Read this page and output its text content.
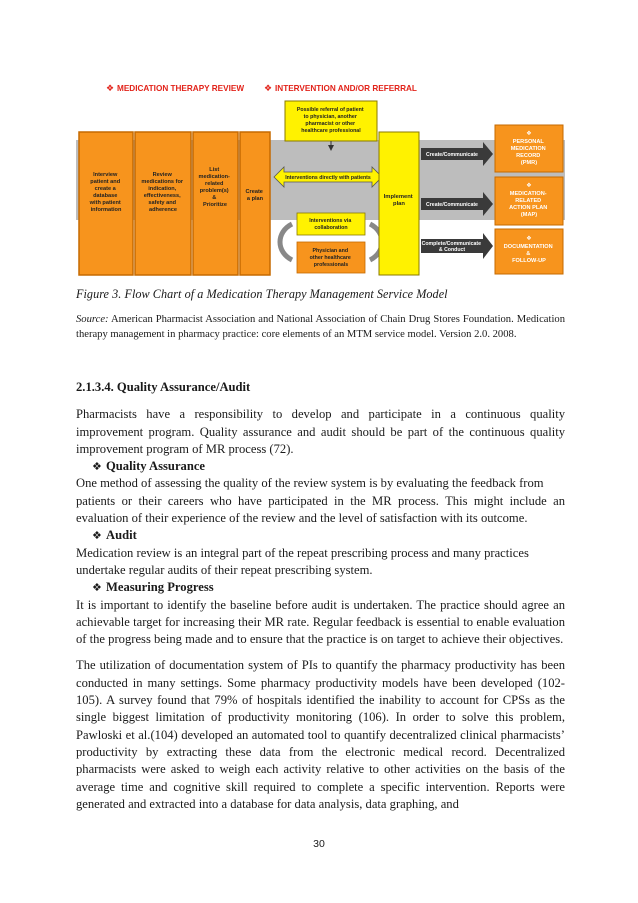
❖ MEDICATION THERAPY REVIEW ❖ INTERVENTION AND/OR REFERRAL
Interview patient and create a database with patient information
Review medications for indication, effectiveness, safety and adherence
List medication- related problem(s) & Prioritize
Create a plan
Possible referral of patient to physician, another pharmacist or other healthcare professional
Interventions directly with patients
Interventions via collaboration
Physician and other healthcare professionals
Implement plan
Create/Communicate
Create/Communicate
Complete/Communicate & Conduct
❖
PERSONAL MEDICATION RECORD (PMR)
❖
MEDICATION- RELATED ACTION PLAN (MAP)
❖
DOCUMENTATION & FOLLOW-UP
Figure 3. Flow Chart of a Medication Therapy Management Service Model
Source: American Pharmacist Association and National Association of Chain Drug Stores Foundation. Medication therapy management in pharmacy practice: core elements of an MTM service model. Version 2.0. 2008.

2.1.3.4. Quality Assurance/Audit

Pharmacists have a responsibility to develop and participate in a continuous quality improvement program. Quality assurance and audit should be part of the continuous quality improvement program of MR process (72).

❖ Quality Assurance

One method of assessing the quality of the review system is by evaluating the feedback from

patients or their careers who have participated in the MR process. This might include an evaluation of their experience of the review and the level of satisfaction with its outcome.

❖ Audit

Medication review is an integral part of the repeat prescribing process and many practices undertake regular audits of their repeat prescribing system.

❖ Measuring Progress

It is important to identify the baseline before audit is undertaken. The practice should agree an achievable target for increasing their MR rate. Regular feedback is essential to enable evaluation of the progress being made and to ensure that the practice is on target to achieve their objectives.

The utilization of documentation system of PIs to quantify the pharmacy productivity has been conducted in many settings. Some pharmacy productivity models have been developed (102-105). A survey found that 79% of hospitals identified the inability to account for CPSs as the single biggest limitation of productivity monitoring (106). In order to solve this problem, Pawloski et al.(104) developed an automated tool to quantify decentralized clinical pharmacists’ productivity by extracting these data from the electronic medical record. Decentralized pharmacists were asked to weigh each activity relative to other activities on the basis of the average time and cognitive skill required to complete a specific intervention. Reports were generated and extracted into a database for data analysis, data graphing, and

30
